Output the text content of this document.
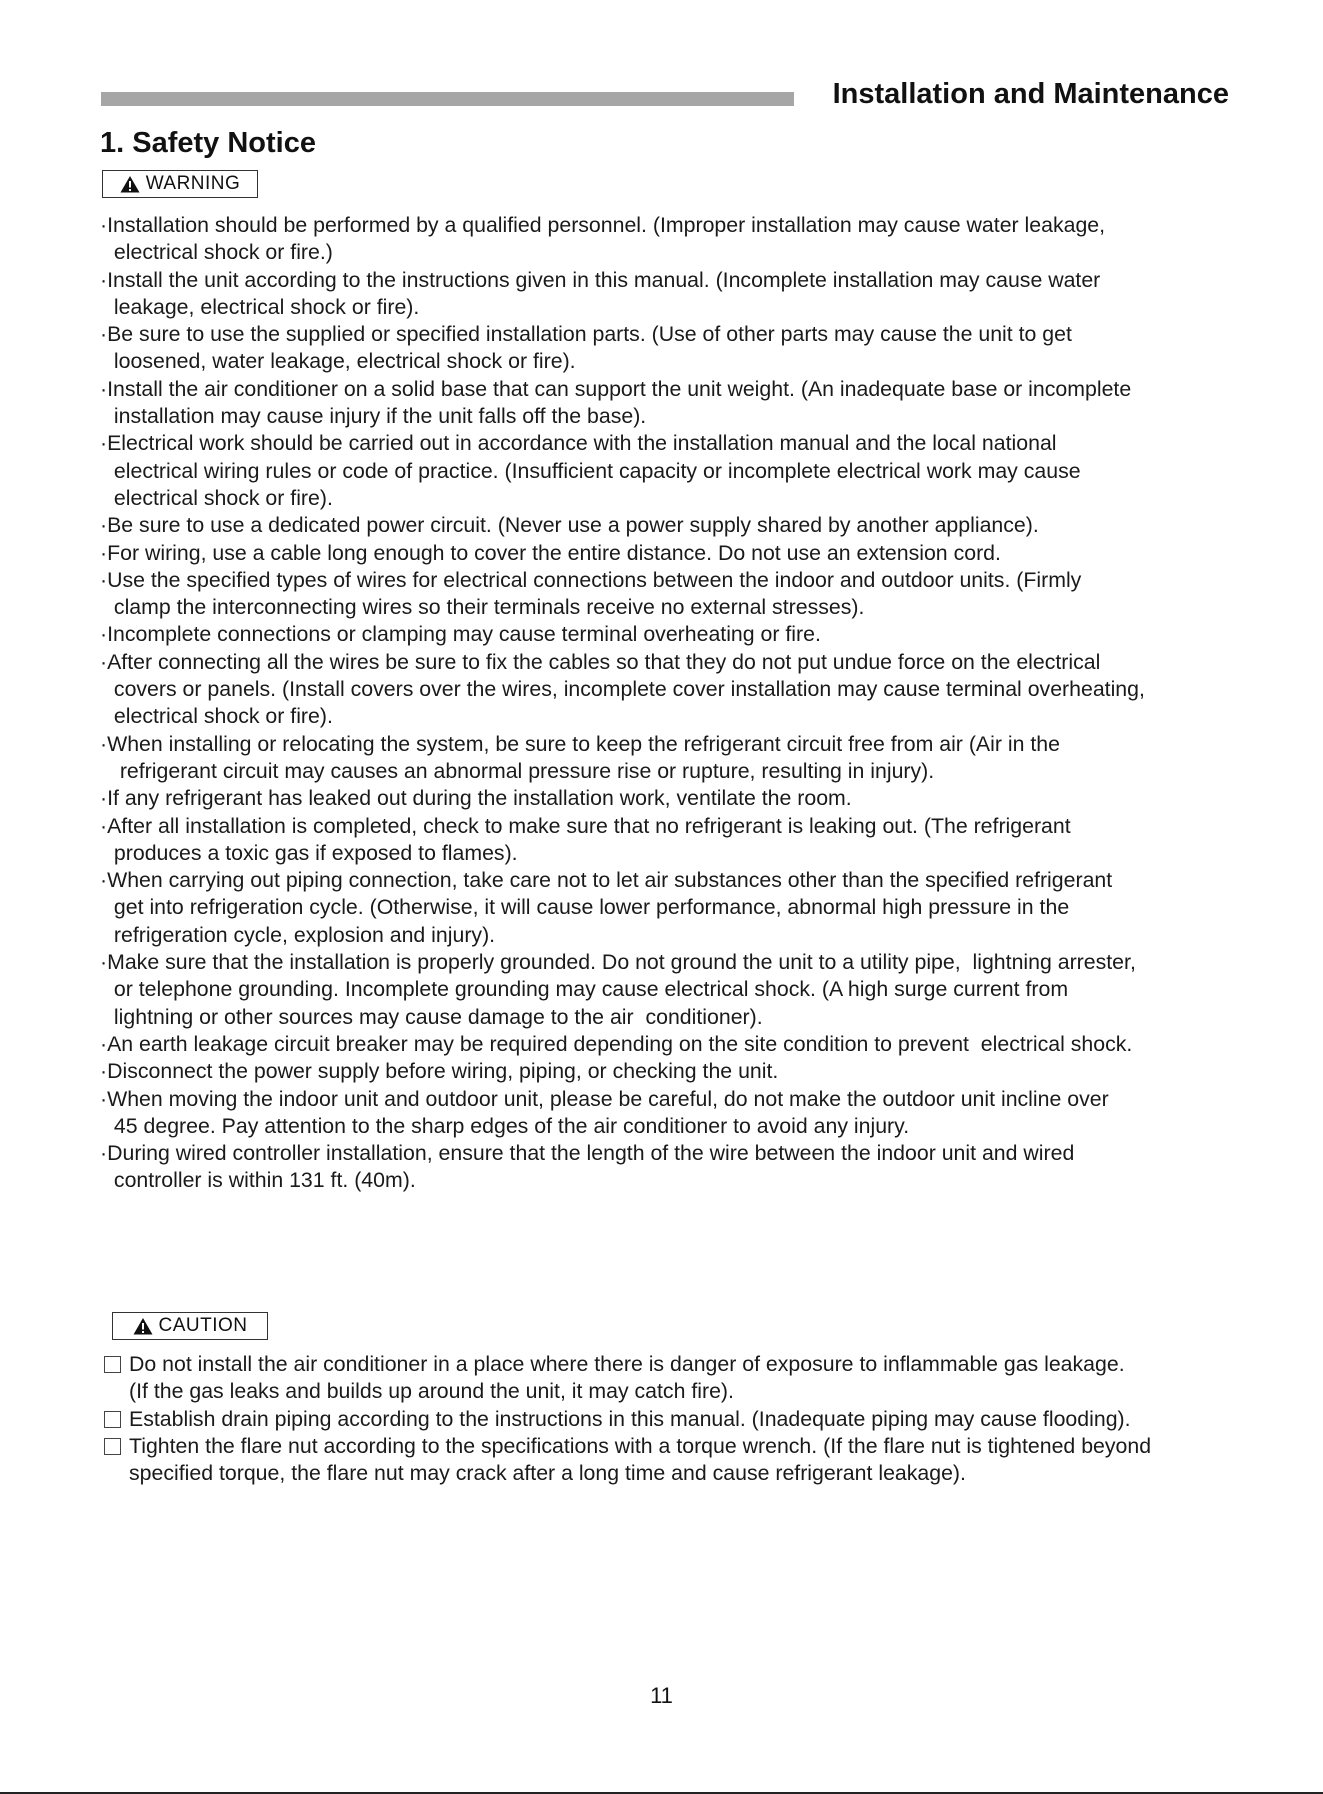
Installation and Maintenance
1. Safety Notice
WARNING
·Installation should be performed by a qualified personnel. (Improper installation may cause water leakage,
electrical shock or fire.)
·Install the unit according to the instructions given in this manual. (Incomplete installation may cause water
leakage, electrical shock or fire).
·Be sure to use the supplied or specified installation parts. (Use of other parts may cause the unit to get
loosened, water leakage, electrical shock or fire).
·Install the air conditioner on a solid base that can support the unit weight. (An inadequate base or incomplete
installation may cause injury if the unit falls off the base).
·Electrical work should be carried out in accordance with the installation manual and the local national
electrical wiring rules or code of practice. (Insufficient capacity or incomplete electrical work may cause
electrical shock or fire).
·Be sure to use a dedicated power circuit. (Never use a power supply shared by another appliance).
·For wiring, use a cable long enough to cover the entire distance. Do not use an extension cord.
·Use the specified types of wires for electrical connections between the indoor and outdoor units. (Firmly
clamp the interconnecting wires so their terminals receive no external stresses).
·Incomplete connections or clamping may cause terminal overheating or fire.
·After connecting all the wires be sure to fix the cables so that they do not put undue force on the electrical
covers or panels. (Install covers over the wires, incomplete cover installation may cause terminal overheating,
electrical shock or fire).
·When installing or relocating the system, be sure to keep the refrigerant circuit free from air (Air in the
refrigerant circuit may causes an abnormal pressure rise or rupture, resulting in injury).
·If any refrigerant has leaked out during the installation work, ventilate the room.
·After all installation is completed, check to make sure that no refrigerant is leaking out. (The refrigerant
produces a toxic gas if exposed to flames).
·When carrying out piping connection, take care not to let air substances other than the specified refrigerant
get into refrigeration cycle. (Otherwise, it will cause lower performance, abnormal high pressure in the
refrigeration cycle, explosion and injury).
·Make sure that the installation is properly grounded. Do not ground the unit to a utility pipe,  lightning arrester,
or telephone grounding. Incomplete grounding may cause electrical shock. (A high surge current from
lightning or other sources may cause damage to the air  conditioner).
·An earth leakage circuit breaker may be required depending on the site condition to prevent  electrical shock.
·Disconnect the power supply before wiring, piping, or checking the unit.
·When moving the indoor unit and outdoor unit, please be careful, do not make the outdoor unit incline over
45 degree. Pay attention to the sharp edges of the air conditioner to avoid any injury.
·During wired controller installation, ensure that the length of the wire between the indoor unit and wired
controller is within 131 ft. (40m).
CAUTION
Do not install the air conditioner in a place where there is danger of exposure to inflammable gas leakage.
(If the gas leaks and builds up around the unit, it may catch fire).
Establish drain piping according to the instructions in this manual. (Inadequate piping may cause flooding).
Tighten the flare nut according to the specifications with a torque wrench. (If the flare nut is tightened beyond
specified torque, the flare nut may crack after a long time and cause refrigerant leakage).
11
